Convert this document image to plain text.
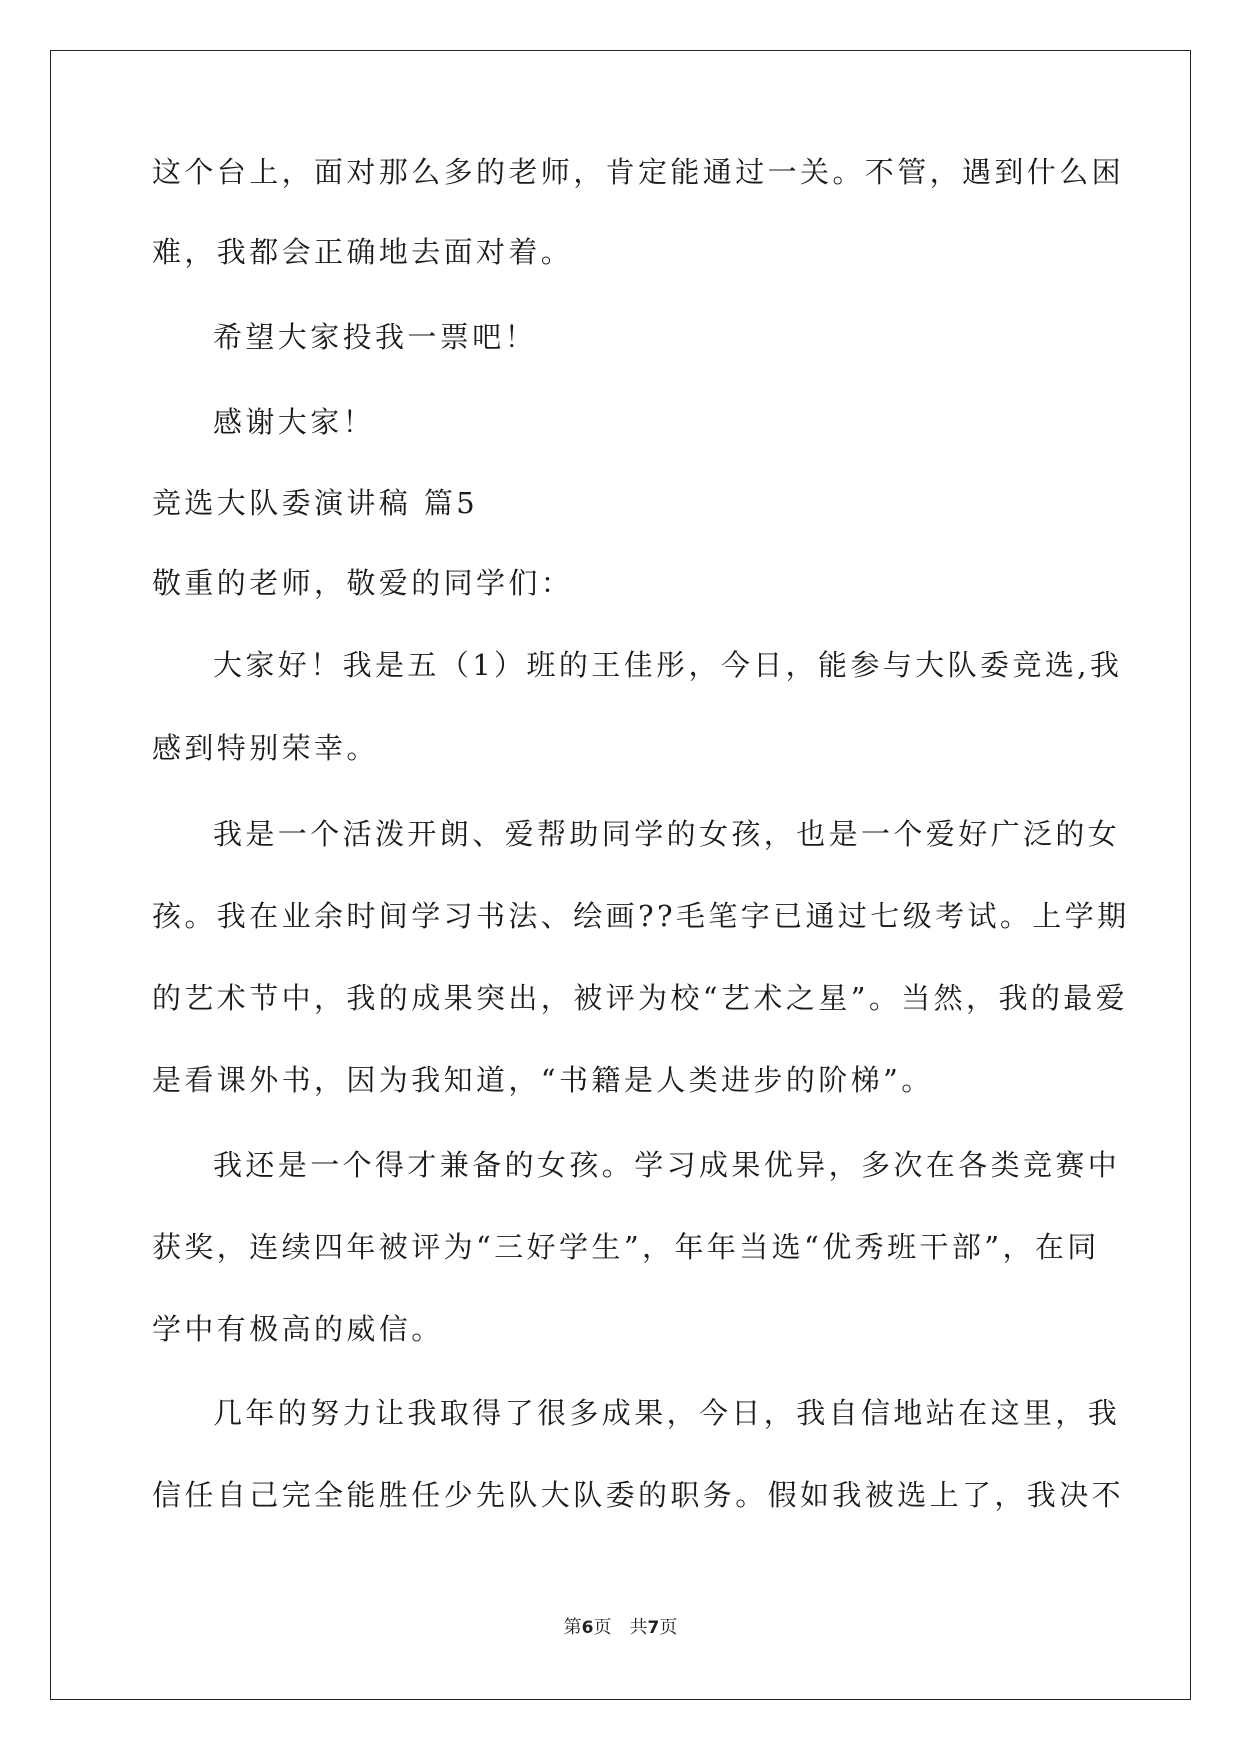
这个台上，面对那么多的老师，肯定能通过一关。不管，遇到什么困
难，我都会正确地去面对着。
希望大家投我一票吧！
感谢大家！
竞选大队委演讲稿 篇5
敬重的老师，敬爱的同学们：
大家好！我是五（1）班的王佳彤，今日，能参与大队委竞选,我
感到特别荣幸。
我是一个活泼开朗、爱帮助同学的女孩，也是一个爱好广泛的女
孩。我在业余时间学习书法、绘画??毛笔字已通过七级考试。上学期
的艺术节中，我的成果突出，被评为校“艺术之星”。当然，我的最爱
是看课外书，因为我知道，“书籍是人类进步的阶梯”。
我还是一个得才兼备的女孩。学习成果优异，多次在各类竞赛中
获奖，连续四年被评为“三好学生”，年年当选“优秀班干部”，在同
学中有极高的威信。
几年的努力让我取得了很多成果，今日，我自信地站在这里，我
信任自己完全能胜任少先队大队委的职务。假如我被选上了，我决不
第6页　共7页
